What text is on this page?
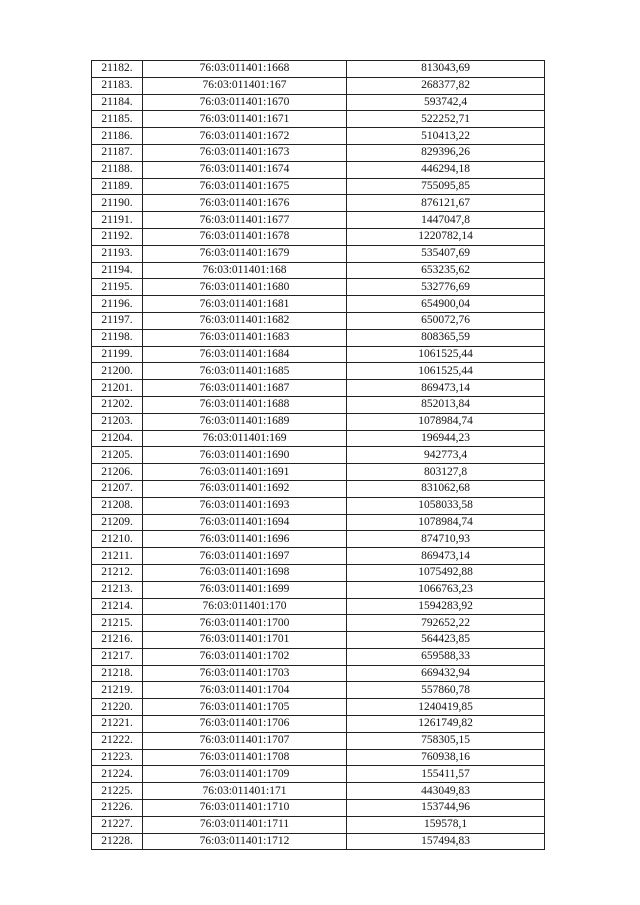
21182.	76:03:011401:1668	813043,69
21183.	76:03:011401:167	268377,82
21184.	76:03:011401:1670	593742,4
21185.	76:03:011401:1671	522252,71
21186.	76:03:011401:1672	510413,22
21187.	76:03:011401:1673	829396,26
21188.	76:03:011401:1674	446294,18
21189.	76:03:011401:1675	755095,85
21190.	76:03:011401:1676	876121,67
21191.	76:03:011401:1677	1447047,8
21192.	76:03:011401:1678	1220782,14
21193.	76:03:011401:1679	535407,69
21194.	76:03:011401:168	653235,62
21195.	76:03:011401:1680	532776,69
21196.	76:03:011401:1681	654900,04
21197.	76:03:011401:1682	650072,76
21198.	76:03:011401:1683	808365,59
21199.	76:03:011401:1684	1061525,44
21200.	76:03:011401:1685	1061525,44
21201.	76:03:011401:1687	869473,14
21202.	76:03:011401:1688	852013,84
21203.	76:03:011401:1689	1078984,74
21204.	76:03:011401:169	196944,23
21205.	76:03:011401:1690	942773,4
21206.	76:03:011401:1691	803127,8
21207.	76:03:011401:1692	831062,68
21208.	76:03:011401:1693	1058033,58
21209.	76:03:011401:1694	1078984,74
21210.	76:03:011401:1696	874710,93
21211.	76:03:011401:1697	869473,14
21212.	76:03:011401:1698	1075492,88
21213.	76:03:011401:1699	1066763,23
21214.	76:03:011401:170	1594283,92
21215.	76:03:011401:1700	792652,22
21216.	76:03:011401:1701	564423,85
21217.	76:03:011401:1702	659588,33
21218.	76:03:011401:1703	669432,94
21219.	76:03:011401:1704	557860,78
21220.	76:03:011401:1705	1240419,85
21221.	76:03:011401:1706	1261749,82
21222.	76:03:011401:1707	758305,15
21223.	76:03:011401:1708	760938,16
21224.	76:03:011401:1709	155411,57
21225.	76:03:011401:171	443049,83
21226.	76:03:011401:1710	153744,96
21227.	76:03:011401:1711	159578,1
21228.	76:03:011401:1712	157494,83
